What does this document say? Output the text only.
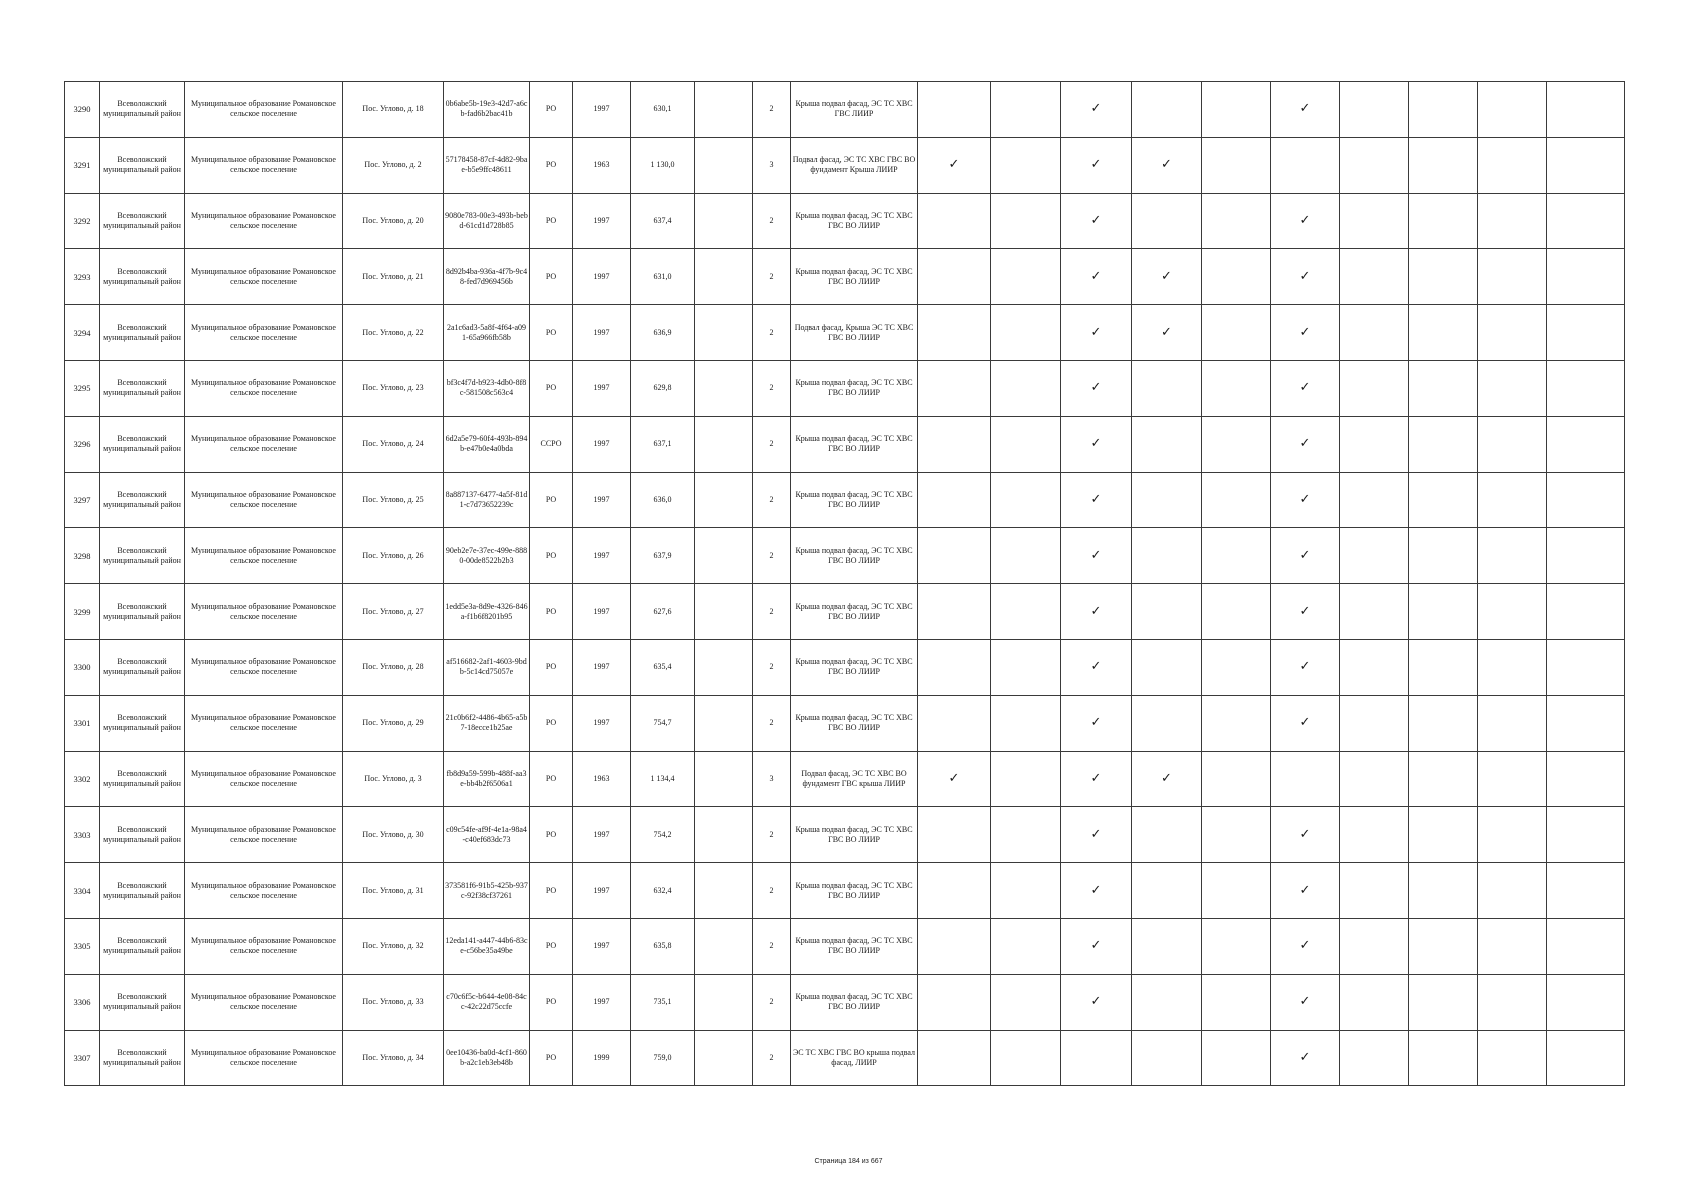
3290	Всеволожский муниципальный район	Муниципальное образование Романовское сельское поселение	Пос. Углово, д. 18	0b6abe5b-19e3-42d7-a6cb-fad6b2bac41b	РО	1997	630,1		2	Крыша подвал фасад, ЭС ТС ХВС ГВС ЛИИР			✓			✓				
3291	Всеволожский муниципальный район	Муниципальное образование Романовское сельское поселение	Пос. Углово, д. 2	57178458-87cf-4d82-9bae-b5e9ffc48611	РО	1963	1 130,0		3	Подвал фасад, ЭС ТС ХВС ГВС ВО фундамент Крыша ЛИИР	✓		✓	✓						
3292	Всеволожский муниципальный район	Муниципальное образование Романовское сельское поселение	Пос. Углово, д. 20	9080e783-00e3-493b-bebd-61cd1d728b85	РО	1997	637,4		2	Крыша подвал фасад, ЭС ТС ХВС ГВС ВО ЛИИР			✓			✓				
3293	Всеволожский муниципальный район	Муниципальное образование Романовское сельское поселение	Пос. Углово, д. 21	8d92b4ba-936a-4f7b-9c48-fed7d969456b	РО	1997	631,0		2	Крыша подвал фасад, ЭС ТС ХВС ГВС ВО ЛИИР			✓	✓		✓				
3294	Всеволожский муниципальный район	Муниципальное образование Романовское сельское поселение	Пос. Углово, д. 22	2a1c6ad3-5a8f-4f64-a091-65a966fb58b	РО	1997	636,9		2	Подвал фасад, Крыша ЭС ТС ХВС ГВС ВО ЛИИР			✓	✓		✓				
3295	Всеволожский муниципальный район	Муниципальное образование Романовское сельское поселение	Пос. Углово, д. 23	bf3c4f7d-b923-4db0-8f8c-581508c563c4	РО	1997	629,8		2	Крыша подвал фасад, ЭС ТС ХВС ГВС ВО ЛИИР			✓			✓				
3296	Всеволожский муниципальный район	Муниципальное образование Романовское сельское поселение	Пос. Углово, д. 24	6d2a5e79-60f4-493b-894b-e47b0e4a0bda	ССРО	1997	637,1		2	Крыша подвал фасад, ЭС ТС ХВС ГВС ВО ЛИИР			✓			✓				
3297	Всеволожский муниципальный район	Муниципальное образование Романовское сельское поселение	Пос. Углово, д. 25	8a887137-6477-4a5f-81d1-c7d73652239c	РО	1997	636,0		2	Крыша подвал фасад, ЭС ТС ХВС ГВС ВО ЛИИР			✓			✓				
3298	Всеволожский муниципальный район	Муниципальное образование Романовское сельское поселение	Пос. Углово, д. 26	90eb2e7e-37ec-499e-8880-00de8522b2b3	РО	1997	637,9		2	Крыша подвал фасад, ЭС ТС ХВС ГВС ВО ЛИИР			✓			✓				
3299	Всеволожский муниципальный район	Муниципальное образование Романовское сельское поселение	Пос. Углово, д. 27	1edd5e3a-8d9e-4326-846a-f1b6f8201b95	РО	1997	627,6		2	Крыша подвал фасад, ЭС ТС ХВС ГВС ВО ЛИИР			✓			✓				
3300	Всеволожский муниципальный район	Муниципальное образование Романовское сельское поселение	Пос. Углово, д. 28	af516682-2af1-4603-9bdb-5c14cd75057e	РО	1997	635,4		2	Крыша подвал фасад, ЭС ТС ХВС ГВС ВО ЛИИР			✓			✓				
3301	Всеволожский муниципальный район	Муниципальное образование Романовское сельское поселение	Пос. Углово, д. 29	21c0b6f2-4486-4b65-a5b7-18ecce1b25ae	РО	1997	754,7		2	Крыша подвал фасад, ЭС ТС ХВС ГВС ВО ЛИИР			✓			✓				
3302	Всеволожский муниципальный район	Муниципальное образование Романовское сельское поселение	Пос. Углово, д. 3	fb8d9a59-599b-488f-aa3e-bb4b2f6506a1	РО	1963	1 134,4		3	Подвал фасад, ЭС ТС ХВС ВО фундамент ГВС крыша ЛИИР	✓		✓	✓						
3303	Всеволожский муниципальный район	Муниципальное образование Романовское сельское поселение	Пос. Углово, д. 30	c09c54fe-af9f-4e1a-98a4-c40ef683dc73	РО	1997	754,2		2	Крыша подвал фасад, ЭС ТС ХВС ГВС ВО ЛИИР			✓			✓				
3304	Всеволожский муниципальный район	Муниципальное образование Романовское сельское поселение	Пос. Углово, д. 31	373581f6-91b5-425b-937c-92f38cf37261	РО	1997	632,4		2	Крыша подвал фасад, ЭС ТС ХВС ГВС ВО ЛИИР			✓			✓				
3305	Всеволожский муниципальный район	Муниципальное образование Романовское сельское поселение	Пос. Углово, д. 32	12eda141-a447-44b6-83ce-c56be35a49be	РО	1997	635,8		2	Крыша подвал фасад, ЭС ТС ХВС ГВС ВО ЛИИР			✓			✓				
3306	Всеволожский муниципальный район	Муниципальное образование Романовское сельское поселение	Пос. Углово, д. 33	c70c6f5c-b644-4e08-84cc-42c22d75ccfe	РО	1997	735,1		2	Крыша подвал фасад, ЭС ТС ХВС ГВС ВО ЛИИР			✓			✓				
3307	Всеволожский муниципальный район	Муниципальное образование Романовское сельское поселение	Пос. Углово, д. 34	0ee10436-ba0d-4cf1-860b-a2c1eb3eb48b	РО	1999	759,0		2	ЭС ТС ХВС ГВС ВО крыша подвал фасад, ЛИИР						✓				
Страница 184 из 667
